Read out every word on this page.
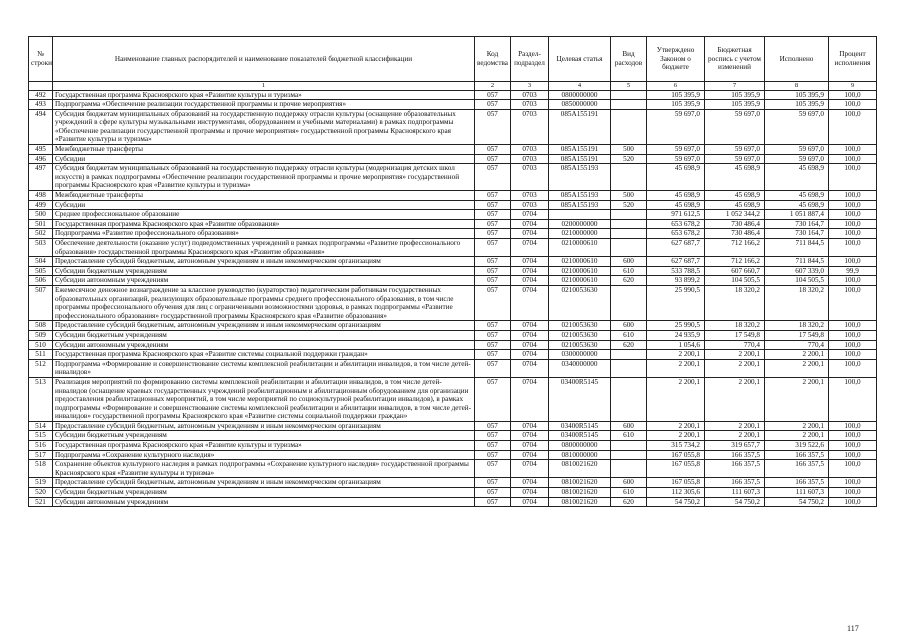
№ строки	Наименование главных распорядителей и наименование показателей бюджетной классификации	Код ведомства	Раздел-подраздел	Целевая статья	Вид расходов	Утверждено Законом о бюджете	Бюджетная роспись с учетом изменений	Исполнено	Процент исполнения
	1	2	3	4	5	6	7	8	9
492	Государственная программа Красноярского края «Развитие культуры и туризма»	057	0703	0800000000		105 395,9	105 395,9	105 395,9	100,0
493	Подпрограмма «Обеспечение реализации государственной программы и прочие мероприятия»	057	0703	0850000000		105 395,9	105 395,9	105 395,9	100,0
494	Субсидия бюджетам муниципальных образований на государственную поддержку отрасли культуры (оснащение образовательных учреждений в сфере культуры музыкальными инструментами, оборудованием и учебными материалами) в рамках подпрограммы «Обеспечение реализации государственной программы и прочие мероприятия» государственной программы Красноярского края «Развитие культуры и туризма»	057	0703	085A155191		59 697,0	59 697,0	59 697,0	100,0
495	Межбюджетные трансферты	057	0703	085A155191	500	59 697,0	59 697,0	59 697,0	100,0
496	Субсидии	057	0703	085A155191	520	59 697,0	59 697,0	59 697,0	100,0
497	Субсидия бюджетам муниципальных образований на государственную поддержку отрасли культуры (модернизация детских школ искусств) в рамках подпрограммы «Обеспечение реализации государственной программы и прочие мероприятия» государственной программы Красноярского края «Развитие культуры и туризма»	057	0703	085A155193		45 698,9	45 698,9	45 698,9	100,0
498	Межбюджетные трансферты	057	0703	085A155193	500	45 698,9	45 698,9	45 698,9	100,0
499	Субсидии	057	0703	085A155193	520	45 698,9	45 698,9	45 698,9	100,0
500	Среднее профессиональное образование	057	0704			971 612,5	1 052 344,2	1 051 887,4	100,0
501	Государственная программа Красноярского края «Развитие образования»	057	0704	0200000000		653 678,2	730 486,4	730 164,7	100,0
502	Подпрограмма «Развитие профессионального образования»	057	0704	0210000000		653 678,2	730 486,4	730 164,7	100,0
503	Обеспечение деятельности (оказание услуг) подведомственных учреждений в рамках подпрограммы «Развитие профессионального образования» государственной программы Красноярского края «Развитие образования»	057	0704	0210000610		627 687,7	712 166,2	711 844,5	100,0
504	Предоставление субсидий бюджетным, автономным учреждениям и иным некоммерческим организациям	057	0704	0210000610	600	627 687,7	712 166,2	711 844,5	100,0
505	Субсидии бюджетным учреждениям	057	0704	0210000610	610	533 788,5	607 660,7	607 339,0	99,9
506	Субсидии автономным учреждениям	057	0704	0210000610	620	93 899,2	104 505,5	104 505,5	100,0
507	Ежемесячное денежное вознаграждение за классное руководство (кураторство) педагогическим работникам государственных образовательных организаций, реализующих образовательные программы среднего профессионального образования, в том числе программы профессионального обучения для лиц с ограниченными возможностями здоровья, в рамках подпрограммы «Развитие профессионального образования» государственной программы Красноярского края «Развитие образования»	057	0704	0210053630		25 990,5	18 320,2	18 320,2	100,0
508	Предоставление субсидий бюджетным, автономным учреждениям и иным некоммерческим организациям	057	0704	0210053630	600	25 990,5	18 320,2	18 320,2	100,0
509	Субсидии бюджетным учреждениям	057	0704	0210053630	610	24 935,9	17 549,8	17 549,8	100,0
510	Субсидии автономным учреждениям	057	0704	0210053630	620	1 054,6	770,4	770,4	100,0
511	Государственная программа Красноярского края «Развитие системы социальной поддержки граждан»	057	0704	0300000000		2 200,1	2 200,1	2 200,1	100,0
512	Подпрограмма «Формирование и совершенствование системы комплексной реабилитации и абилитации инвалидов, в том числе детей-инвалидов»	057	0704	0340000000		2 200,1	2 200,1	2 200,1	100,0
513	Реализация мероприятий по формированию системы комплексной реабилитации и абилитации инвалидов, в том числе детей-инвалидов (оснащение краевых государственных учреждений реабилитационным и абилитационным оборудованием для организации предоставления реабилитационных мероприятий, в том числе мероприятий по социокультурной реабилитации инвалидов), в рамках подпрограммы «Формирование и совершенствование системы комплексной реабилитации и абилитации инвалидов, в том числе детей-инвалидов» государственной программы Красноярского края «Развитие системы социальной поддержки граждан»	057	0704	03400R5145		2 200,1	2 200,1	2 200,1	100,0
514	Предоставление субсидий бюджетным, автономным учреждениям и иным некоммерческим организациям	057	0704	03400R5145	600	2 200,1	2 200,1	2 200,1	100,0
515	Субсидии бюджетным учреждениям	057	0704	03400R5145	610	2 200,1	2 200,1	2 200,1	100,0
516	Государственная программа Красноярского края «Развитие культуры и туризма»	057	0704	0800000000		315 734,2	319 657,7	319 522,6	100,0
517	Подпрограмма «Сохранение культурного наследия»	057	0704	0810000000		167 055,8	166 357,5	166 357,5	100,0
518	Сохранение объектов культурного наследия в рамках подпрограммы «Сохранение культурного наследия» государственной программы Красноярского края «Развитие культуры и туризма»	057	0704	0810021620		167 055,8	166 357,5	166 357,5	100,0
519	Предоставление субсидий бюджетным, автономным учреждениям и иным некоммерческим организациям	057	0704	0810021620	600	167 055,8	166 357,5	166 357,5	100,0
520	Субсидии бюджетным учреждениям	057	0704	0810021620	610	112 305,6	111 607,3	111 607,3	100,0
521	Субсидии автономным учреждениям	057	0704	0810021620	620	54 750,2	54 750,2	54 750,2	100,0
117
